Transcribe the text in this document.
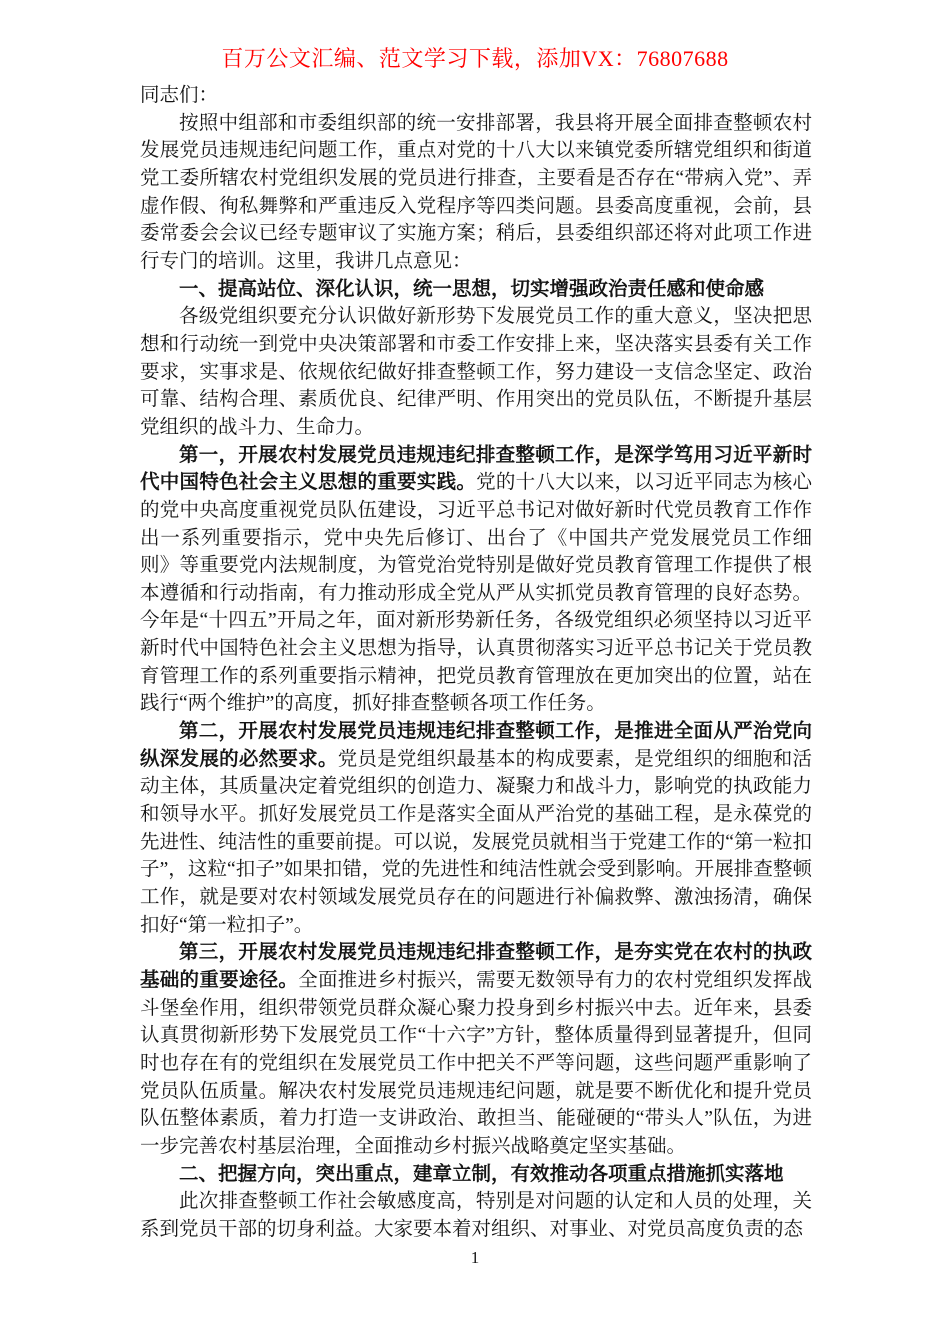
百万公文汇编、范文学习下载，添加VX：76807688

同志们：

按照中组部和市委组织部的统一安排部署，我县将开展全面排查整顿农村发展党员违规违纪问题工作，重点对党的十八大以来镇党委所辖党组织和街道党工委所辖农村党组织发展的党员进行排查，主要看是否存在“带病入党”、弄虚作假、徇私舞弊和严重违反入党程序等四类问题。县委高度重视，会前，县委常委会会议已经专题审议了实施方案；稍后，县委组织部还将对此项工作进行专门的培训。这里，我讲几点意见：

一、提高站位、深化认识，统一思想，切实增强政治责任感和使命感

各级党组织要充分认识做好新形势下发展党员工作的重大意义，坚决把思想和行动统一到党中央决策部署和市委工作安排上来，坚决落实县委有关工作要求，实事求是、依规依纪做好排查整顿工作，努力建设一支信念坚定、政治可靠、结构合理、素质优良、纪律严明、作用突出的党员队伍，不断提升基层党组织的战斗力、生命力。

第一，开展农村发展党员违规违纪排查整顿工作，是深学笃用习近平新时代中国特色社会主义思想的重要实践。党的十八大以来，以习近平同志为核心的党中央高度重视党员队伍建设，习近平总书记对做好新时代党员教育工作作出一系列重要指示，党中央先后修订、出台了《中国共产党发展党员工作细则》等重要党内法规制度，为管党治党特别是做好党员教育管理工作提供了根本遵循和行动指南，有力推动形成全党从严从实抓党员教育管理的良好态势。今年是“十四五”开局之年，面对新形势新任务，各级党组织必须坚持以习近平新时代中国特色社会主义思想为指导，认真贯彻落实习近平总书记关于党员教育管理工作的系列重要指示精神，把党员教育管理放在更加突出的位置，站在践行“两个维护”的高度，抓好排查整顿各项工作任务。

第二，开展农村发展党员违规违纪排查整顿工作，是推进全面从严治党向纵深发展的必然要求。党员是党组织最基本的构成要素，是党组织的细胞和活动主体，其质量决定着党组织的创造力、凝聚力和战斗力，影响党的执政能力和领导水平。抓好发展党员工作是落实全面从严治党的基础工程，是永葆党的先进性、纯洁性的重要前提。可以说，发展党员就相当于党建工作的“第一粒扣子”，这粒“扣子”如果扣错，党的先进性和纯洁性就会受到影响。开展排查整顿工作，就是要对农村领域发展党员存在的问题进行补偏救弊、激浊扬清，确保扣好“第一粒扣子”。

第三，开展农村发展党员违规违纪排查整顿工作，是夯实党在农村的执政基础的重要途径。全面推进乡村振兴，需要无数领导有力的农村党组织发挥战斗堡垒作用，组织带领党员群众凝心聚力投身到乡村振兴中去。近年来，县委认真贯彻新形势下发展党员工作“十六字”方针，整体质量得到显著提升，但同时也存在有的党组织在发展党员工作中把关不严等问题，这些问题严重影响了党员队伍质量。解决农村发展党员违规违纪问题，就是要不断优化和提升党员队伍整体素质，着力打造一支讲政治、敢担当、能碰硬的“带头人”队伍，为进一步完善农村基层治理，全面推动乡村振兴战略奠定坚实基础。

二、把握方向，突出重点，建章立制，有效推动各项重点措施抓实落地

此次排查整顿工作社会敏感度高，特别是对问题的认定和人员的处理，关系到党员干部的切身利益。大家要本着对组织、对事业、对党员高度负责的态

1
